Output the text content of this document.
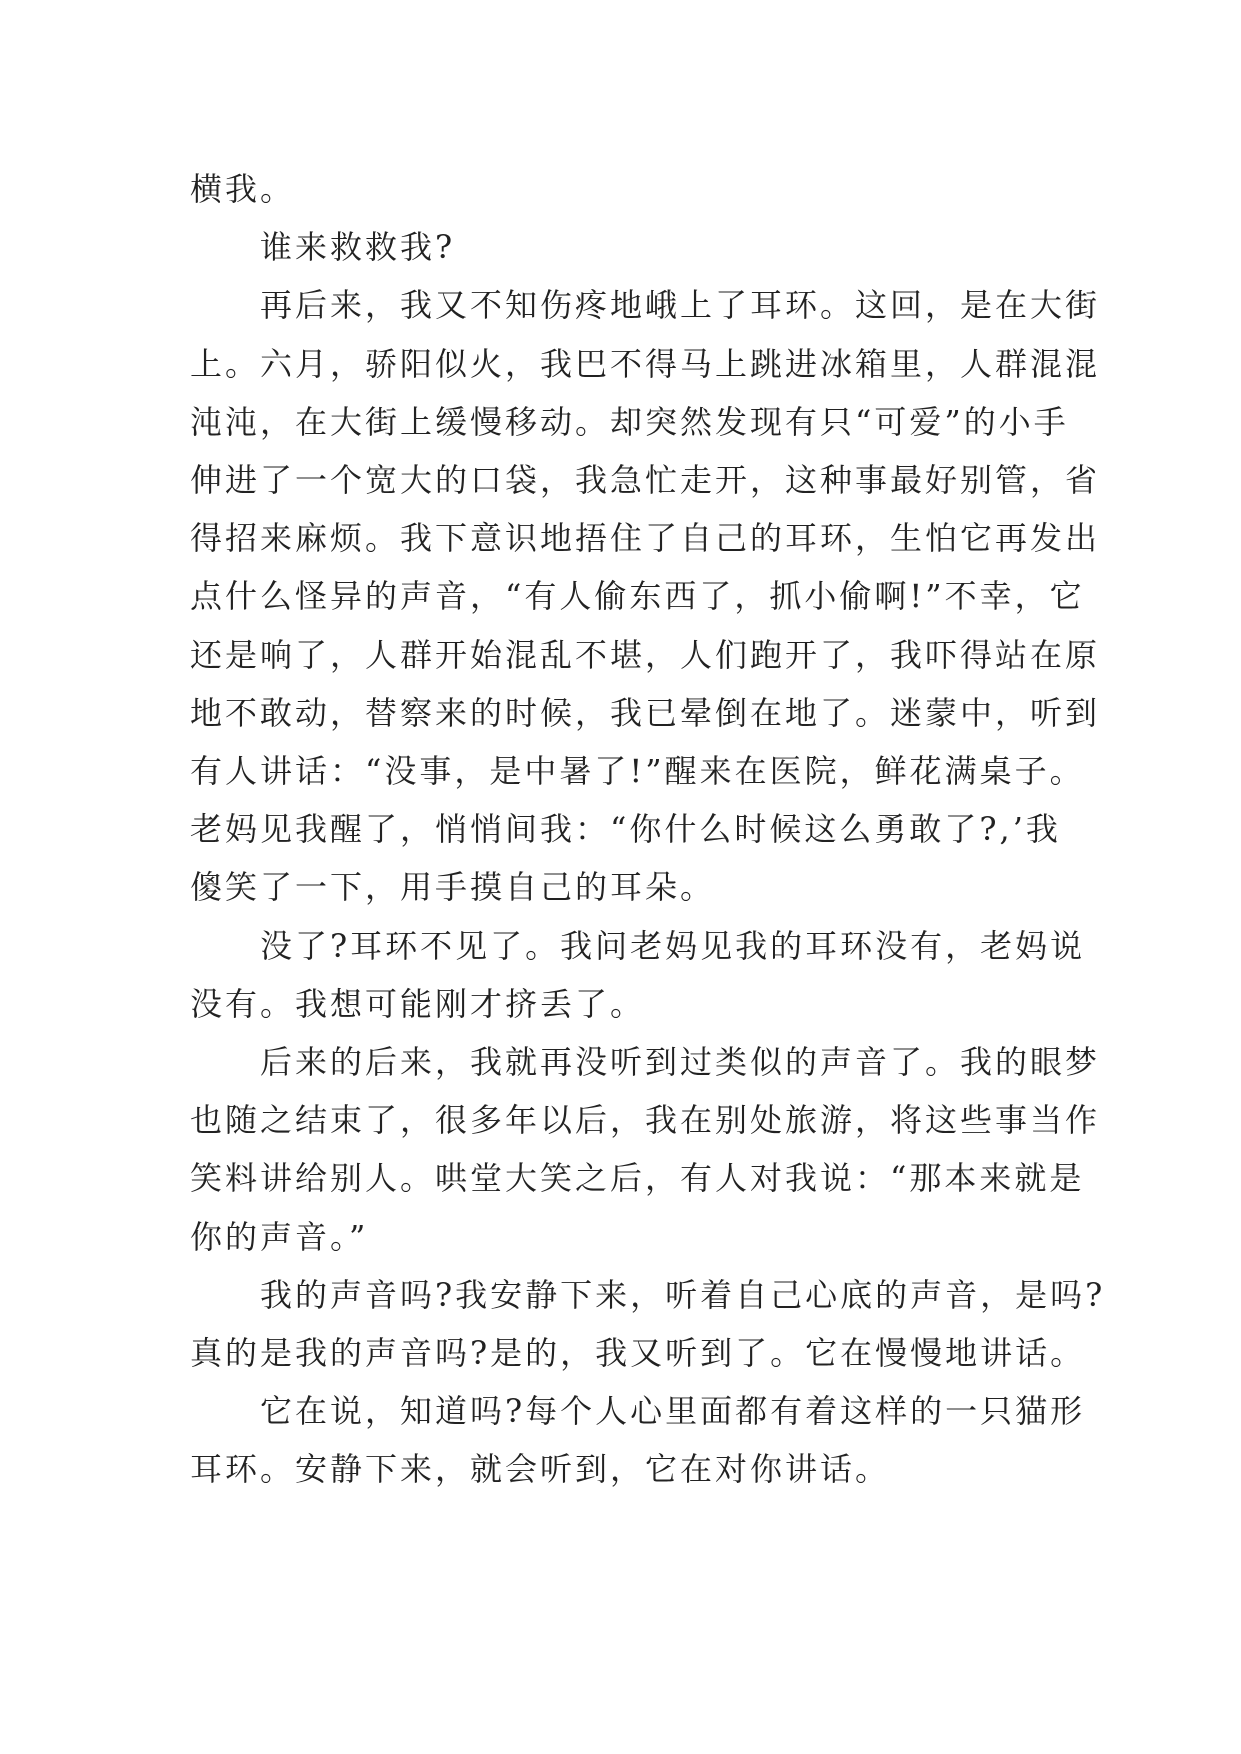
横我。
　　谁来救救我?
　　再后来，我又不知伤疼地峨上了耳环。这回，是在大街
上。六月，骄阳似火，我巴不得马上跳进冰箱里，人群混混
沌沌，在大街上缓慢移动。却突然发现有只“可爱”的小手
伸进了一个宽大的口袋，我急忙走开，这种事最好别管，省
得招来麻烦。我下意识地捂住了自己的耳环，生怕它再发出
点什么怪异的声音，“有人偷东西了，抓小偷啊!”不幸，它
还是响了，人群开始混乱不堪，人们跑开了，我吓得站在原
地不敢动，替察来的时候，我已晕倒在地了。迷蒙中，听到
有人讲话：“没事，是中暑了!”醒来在医院，鲜花满桌子。
老妈见我醒了，悄悄间我：“你什么时候这么勇敢了?,’我
傻笑了一下，用手摸自己的耳朵。
　　没了?耳环不见了。我问老妈见我的耳环没有，老妈说
没有。我想可能刚才挤丢了。
　　后来的后来，我就再没听到过类似的声音了。我的眼梦
也随之结束了，很多年以后，我在别处旅游，将这些事当作
笑料讲给别人。哄堂大笑之后，有人对我说：“那本来就是
你的声音。”
　　我的声音吗?我安静下来，听着自己心底的声音，是吗?
真的是我的声音吗?是的，我又听到了。它在慢慢地讲话。
　　它在说，知道吗?每个人心里面都有着这样的一只猫形
耳环。安静下来，就会听到，它在对你讲话。
